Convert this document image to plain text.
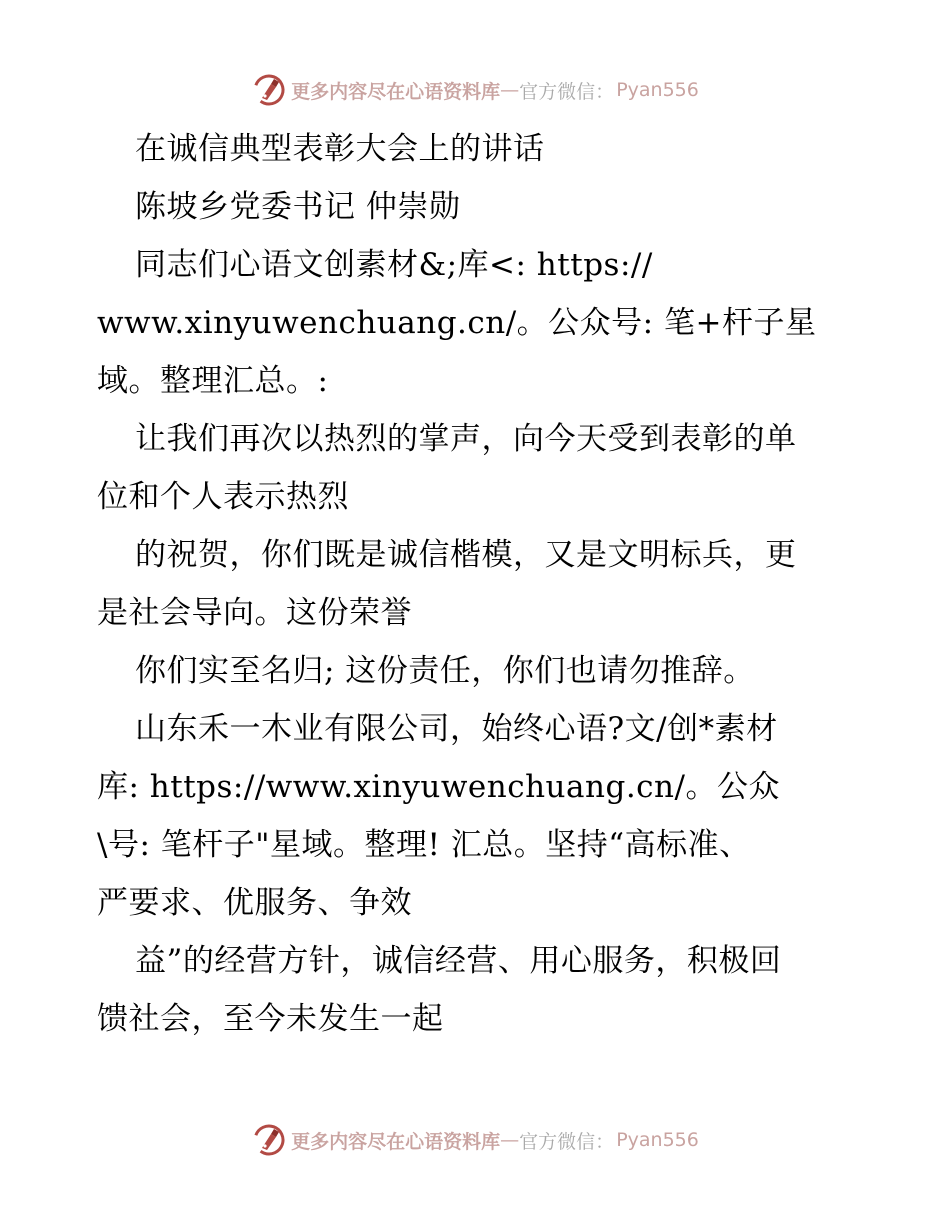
更多内容尽在心语资料库 — 官方微信： Pyan556
在诚信典型表彰大会上的讲话
陈坡乡党委书记 仲崇勋
同志们心语文创素材&;库<: https://
www.xinyuwenchuang.cn/。公众号: 笔+杆子星
域。整理汇总。:
让我们再次以热烈的掌声，向今天受到表彰的单
位和个人表示热烈
的祝贺，你们既是诚信楷模，又是文明标兵，更
是社会导向。这份荣誉
你们实至名归; 这份责任，你们也请勿推辞。
山东禾一木业有限公司，始终心语?文/创*素材
库: https://www.xinyuwenchuang.cn/。公众
\号: 笔杆子"星域。整理! 汇总。坚持“高标准、
严要求、优服务、争效
益”的经营方针，诚信经营、用心服务，积极回
馈社会，至今未发生一起
更多内容尽在心语资料库 — 官方微信： Pyan556
